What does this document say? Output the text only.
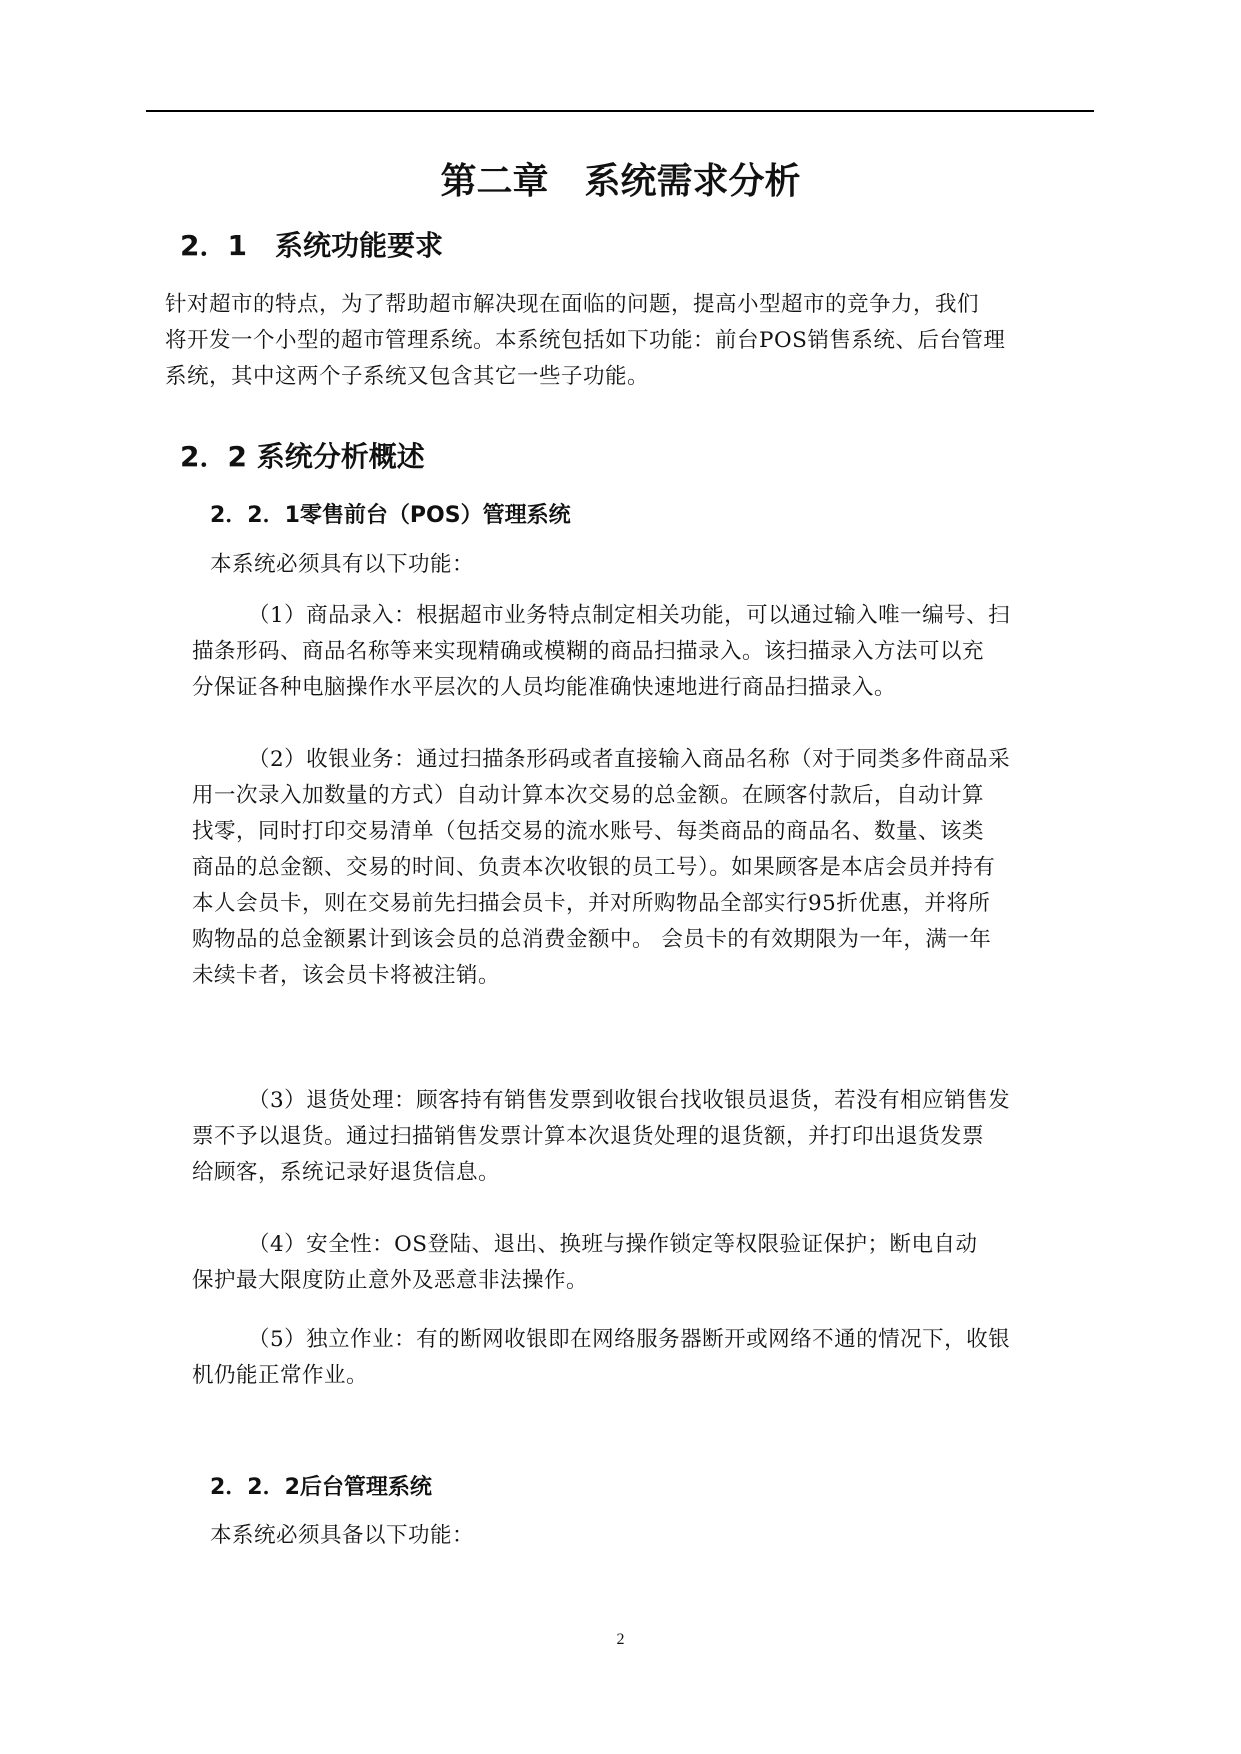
第二章　系统需求分析
2．1　系统功能要求

针对超市的特点，为了帮助超市解决现在面临的问题，提高小型超市的竞争力，我们
将开发一个小型的超市管理系统。本系统包括如下功能：前台POS销售系统、后台管理
系统，其中这两个子系统又包含其它一些子功能。

2．2 系统分析概述
2．2．1零售前台（POS）管理系统

本系统必须具有以下功能：

（1）商品录入：根据超市业务特点制定相关功能，可以通过输入唯一编号、扫
描条形码、商品名称等来实现精确或模糊的商品扫描录入。该扫描录入方法可以充
分保证各种电脑操作水平层次的人员均能准确快速地进行商品扫描录入。

（2）收银业务：通过扫描条形码或者直接输入商品名称（对于同类多件商品采
用一次录入加数量的方式）自动计算本次交易的总金额。在顾客付款后，自动计算
找零，同时打印交易清单（包括交易的流水账号、每类商品的商品名、数量、该类
商品的总金额、交易的时间、负责本次收银的员工号）。如果顾客是本店会员并持有
本人会员卡，则在交易前先扫描会员卡，并对所购物品全部实行95折优惠，并将所
购物品的总金额累计到该会员的总消费金额中。 会员卡的有效期限为一年，满一年
未续卡者，该会员卡将被注销。

（3）退货处理：顾客持有销售发票到收银台找收银员退货，若没有相应销售发
票不予以退货。通过扫描销售发票计算本次退货处理的退货额，并打印出退货发票
给顾客，系统记录好退货信息。

（4）安全性：OS登陆、退出、换班与操作锁定等权限验证保护；断电自动
保护最大限度防止意外及恶意非法操作。

（5）独立作业：有的断网收银即在网络服务器断开或网络不通的情况下，收银
机仍能正常作业。

2．2．2后台管理系统

本系统必须具备以下功能：

2
